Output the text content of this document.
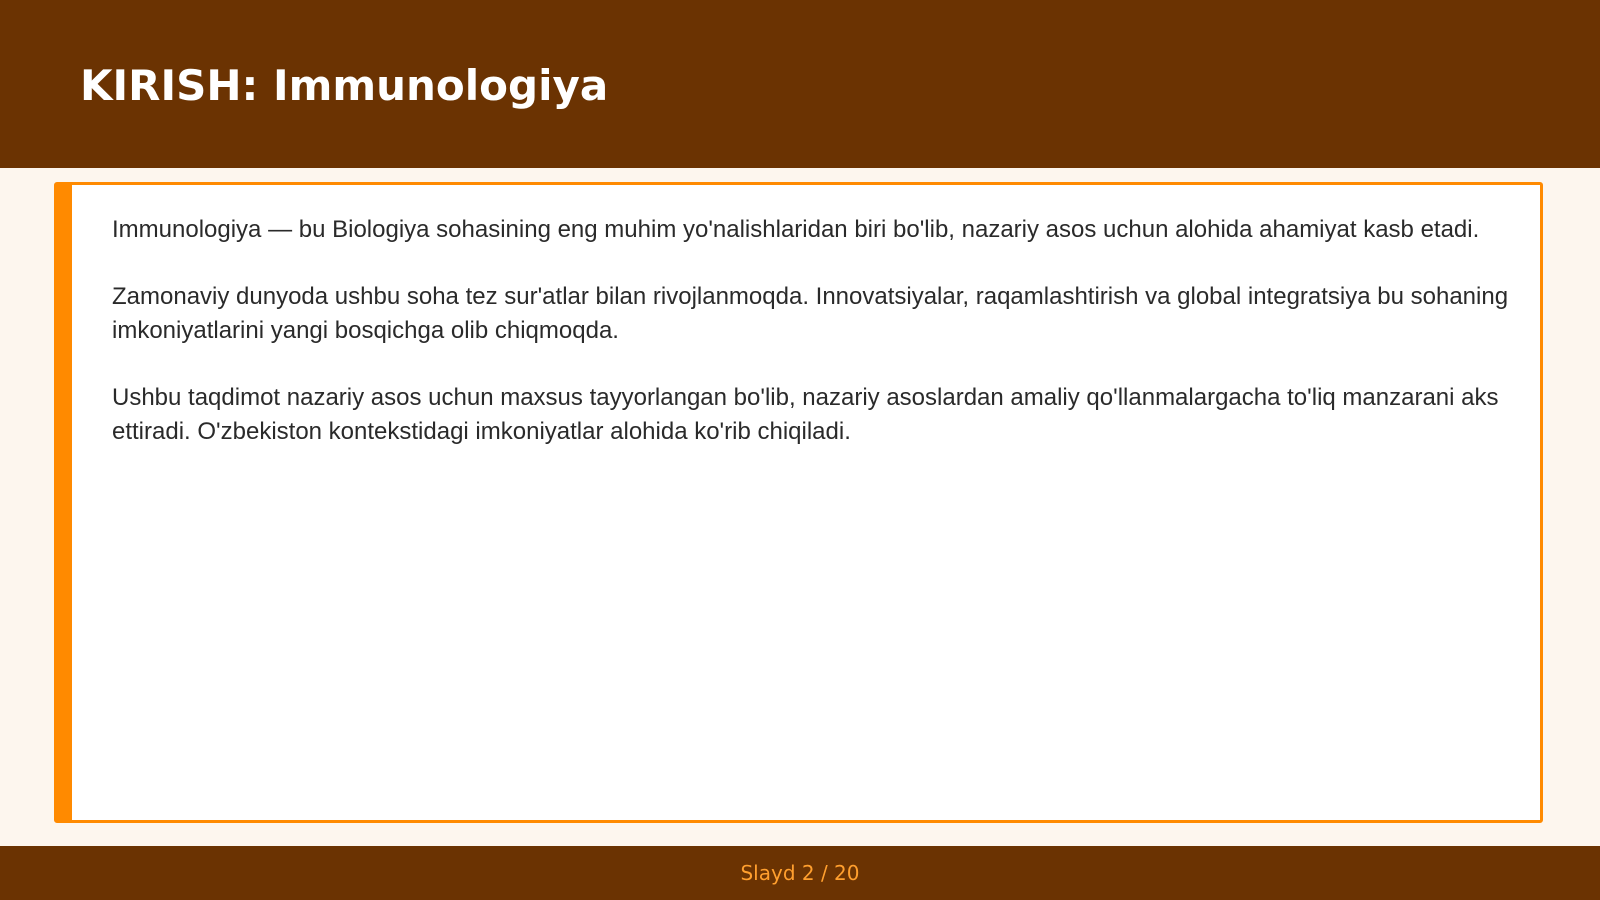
KIRISH: Immunologiya

Immunologiya — bu Biologiya sohasining eng muhim yo'nalishlaridan biri bo'lib, nazariy asos uchun alohida ahamiyat kasb etadi.

Zamonaviy dunyoda ushbu soha tez sur'atlar bilan rivojlanmoqda. Innovatsiyalar, raqamlashtirish va global integratsiya bu sohaning imkoniyatlarini yangi bosqichga olib chiqmoqda.

Ushbu taqdimot nazariy asos uchun maxsus tayyorlangan bo'lib, nazariy asoslardan amaliy qo'llanmalargacha to'liq manzarani aks ettiradi. O'zbekiston kontekstidagi imkoniyatlar alohida ko'rib chiqiladi.

Slayd 2 / 20
